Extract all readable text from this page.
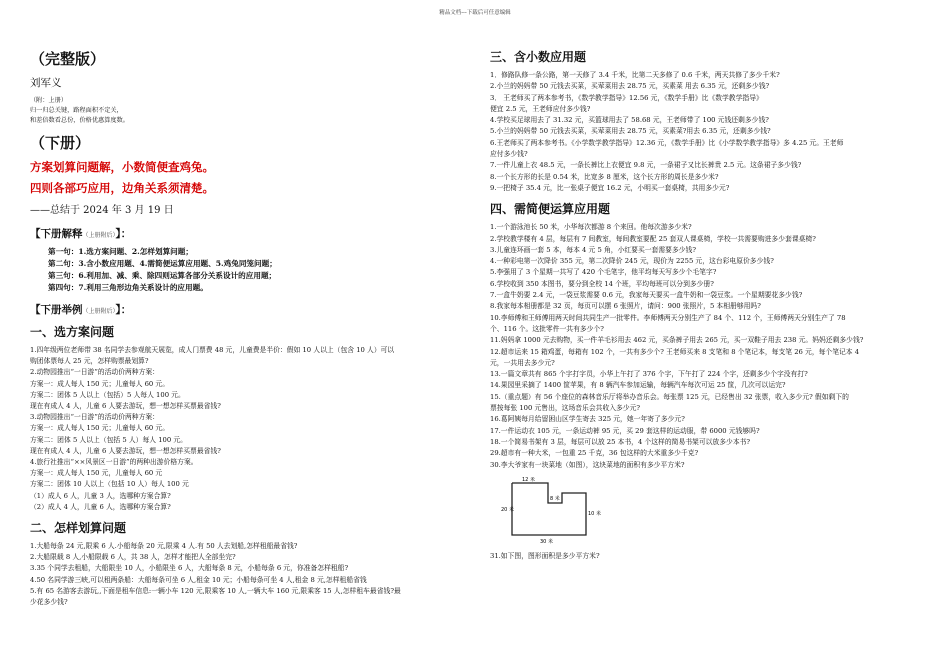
精品文档---下载后可任意编辑
（完整版）
刘军义
（附：上册）
归一归总关键，路程面积不定关，
和差倍数看总份，价格优惠算度数。
（下册）
方案划算问题解，小数简便查鸡兔。
四则各部巧应用，边角关系须清楚。
——总结于 2024 年 3 月 19 日
【下册解释（上册附后）】：
第一句：1.选方案问题、2.怎样划算问题；
第二句：3.含小数应用题、4.需简便运算应用题、5.鸡兔同笼问题；
第三句：6.利用加、减、乘、除四则运算各部分关系设计的应用题；
第四句：7.利用三角形边角关系设计的应用题。
【下册举例（上册附后）】：
一、选方案问题
1.四年级两位老师带 38 名同学去参观航天展览，成人门票费 48 元，儿童费是半价：假如 10 人以上（包含 10 人）可以
购团体票每人 25 元，怎样购票最划算?
2.动物园推出“一日游”的活动价两种方案：
方案一：成人每人 150 元；儿童每人 60 元。
方案二：团体 5 人以上（包括）5 人每人 100 元。
现在有成人 4 人，儿童 6 人要去游玩，想一想怎样买票最省钱?
3.动物园推出“一日游”的活动价两种方案：
方案一：成人每人 150 元；儿童每人 60 元。
方案二：团体 5 人以上（包括 5 人）每人 100 元。
现在有成人 4 人，儿童 6 人要去游玩，想一想怎样买票最省钱?
4.旅行社推出“××风景区一日游”的两种出游价格方案。
方案一：成人每人 150 元，儿童每人 60 元
方案二：团体 10 人以上（包括 10 人）每人 100 元
（1）成人 6 人，儿童 3 人，选哪种方案合算?
（2）成人 4 人，儿童 6 人，选哪种方案合算?
二、怎样划算问题
1.大船每条 24 元,限乘 6 人.小船每条 20 元,限乘 4 人.有 50 人去划船,怎样租船最省钱?
2.大船限载 8 人,小船限载 6 人，共 38 人，怎样才能把人全部坐完?
3.35 个同学去租船，大船限坐 10 人，小船限坐 6 人，大船每条 8 元，小船每条 6 元，你准备怎样租船?
4.50 名同学游三峡,可以租两条船：大船每条可坐 6 人,租金 10 元；小船每条可坐 4 人,租金 8 元,怎样租船省钱
5.有 65 名游客去游玩,,下面是租车信息:一辆小车 120 元,限乘客 10 人,一辆大车 160 元,限乘客 15 人,怎样租车最省钱?最
少花多少钱?
三、含小数应用题
1．修路队修一条公路，第一天修了 3.4 千米，比第二天多修了 0.6 千米，两天共修了多少千米?
2.小兰的妈妈带 50 元钱去买菜，买荤菜用去 28.75 元，买素菜 用去 6.35 元，还剩多少钱?
3． 王老师买了两本参考书，《数学教学指导》12.56 元，《数学手册》比《数学教学指导》
便宜 2.5 元，王老师应付多少钱?
4.学校买足球用去了 31.32 元，买篮球用去了 58.68 元，王老师带了 100 元钱还剩多少钱?
5.小兰的妈妈带 50 元钱去买菜，买荤菜用去 28.75 元，买素菜?用去 6.35 元，还剩多少钱?
6.王老师买了两本参考书。《小学数学教学指导》12.36 元，《数学手册》比《小学数学教学指导》多 4.25 元。王老师
应付多少钱?
7.一件儿童上衣 48.5 元，一条长裤比上衣便宜 9.8 元，一条裙子又比长裤贵 2.5 元。这条裙子多少钱?
8.一个长方形的长是 0.54 米，比宽多 8 厘米，这个长方形的周长是多少米?
9.一把椅子 35.4 元，比一张桌子便宜 16.2 元，小明买一套桌椅，共用多少元?
四、需简便运算应用题
1.一个游泳池长 50 米，小华每次都游 8 个来回。他每次游多少米?
2.学校教学楼有 4 层，每层有 7 间教室，每间教室要配 25 套双人课桌椅，学校一共需要购进多少套课桌椅?
3.儿童连环画一套 5 本，每本 4 元 5 角，小红要买一套需要多少钱?
4.一种彩电第一次降价 355 元，第二次降价 245 元，现价为 2255 元，这台彩电原价多少钱?
5.李强用了 3 个星期一共写了 420 个毛笔字，他平均每天写多少个毛笔字?
6.学校收到 350 本图书，要分到全校 14 个班，平均每班可以分到多少册?
7.一盒牛奶要 2.4 元，一袋豆浆需要 0.6 元，我家每天要买一盒牛奶和一袋豆浆。一个星期要花多少钱?
8.我家每本相册都是 32 页，每页可以摆 6 张照片，请问：900 张照片，5 本相册够用吗?
10.李师傅和王师傅用两天时间共同生产一批零件。李师傅两天分别生产了 84 个、112 个，王师傅两天分别生产了 78
个、116 个。这批零件一共有多少个?
11.妈妈拿 1000 元去购物，买一件羊毛衫用去 462 元，买条裤子用去 265 元，买一双鞋子用去 238 元。妈妈还剩多少钱?
12.超市运来 15 箱鸡蛋，每箱有 102 个，一共有多少个? 王老师买来 8 支笔和 8 个笔记本，每支笔 26 元，每个笔记本 4
元，一共用去多少元?
13.一篇文章共有 865 个字打字员，小华上午打了 376 个字，下午打了 224 个字，还剩多少个字没有打?
14.果园里采摘了 1400 筐苹果，有 8 辆汽车参加运输，每辆汽车每次可运 25 筐，几次可以运完?
15.（重点题）有 56 个座位的森林音乐厅将举办音乐会。每张票 125 元，已经售出 32 张票，收入多少元? 假如剩下的
票按每张 100 元售出，这场音乐会共收入多少元?
16.葛阿姨每月给留困山区学生寄去 325 元，她一年寄了多少元?
17.一件运动衣 105 元，一条运动裤 95 元，买 29 套这样的运动服，带 6000 元钱够吗?
18.一个简易书架有 3 层，每层可以放 25 本书，4 个这样的简易书架可以放多少本书?
29.超市有一种大米，一包重 25 千克，36 包这样的大米重多少千克?
30.李大爷家有一块菜地（如图），这块菜地的面积有多少平方米?
12 米
20 米
8 米
10 米
30 米
31.如下图，图形面积是多少平方米?
